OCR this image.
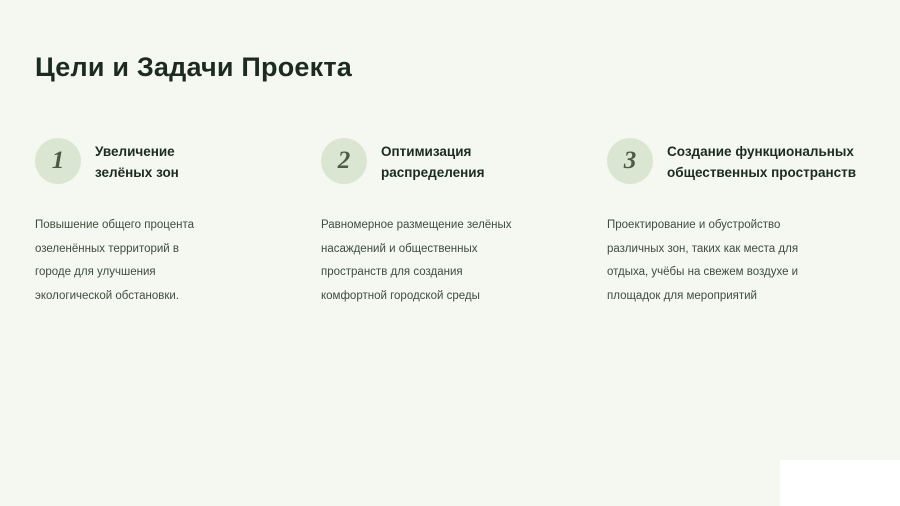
Цели и Задачи Проекта
1	Увеличение
зелёных зон
Повышение общего процента
озеленённых территорий в
городе для улучшения
экологической обстановки.
2	Оптимизация
распределения
Равномерное размещение зелёных
насаждений и общественных
пространств для создания
комфортной городской среды
3	Создание функциональных
общественных пространств
Проектирование и обустройство
различных зон, таких как места для
отдыха, учёбы на свежем воздухе и
площадок для мероприятий
